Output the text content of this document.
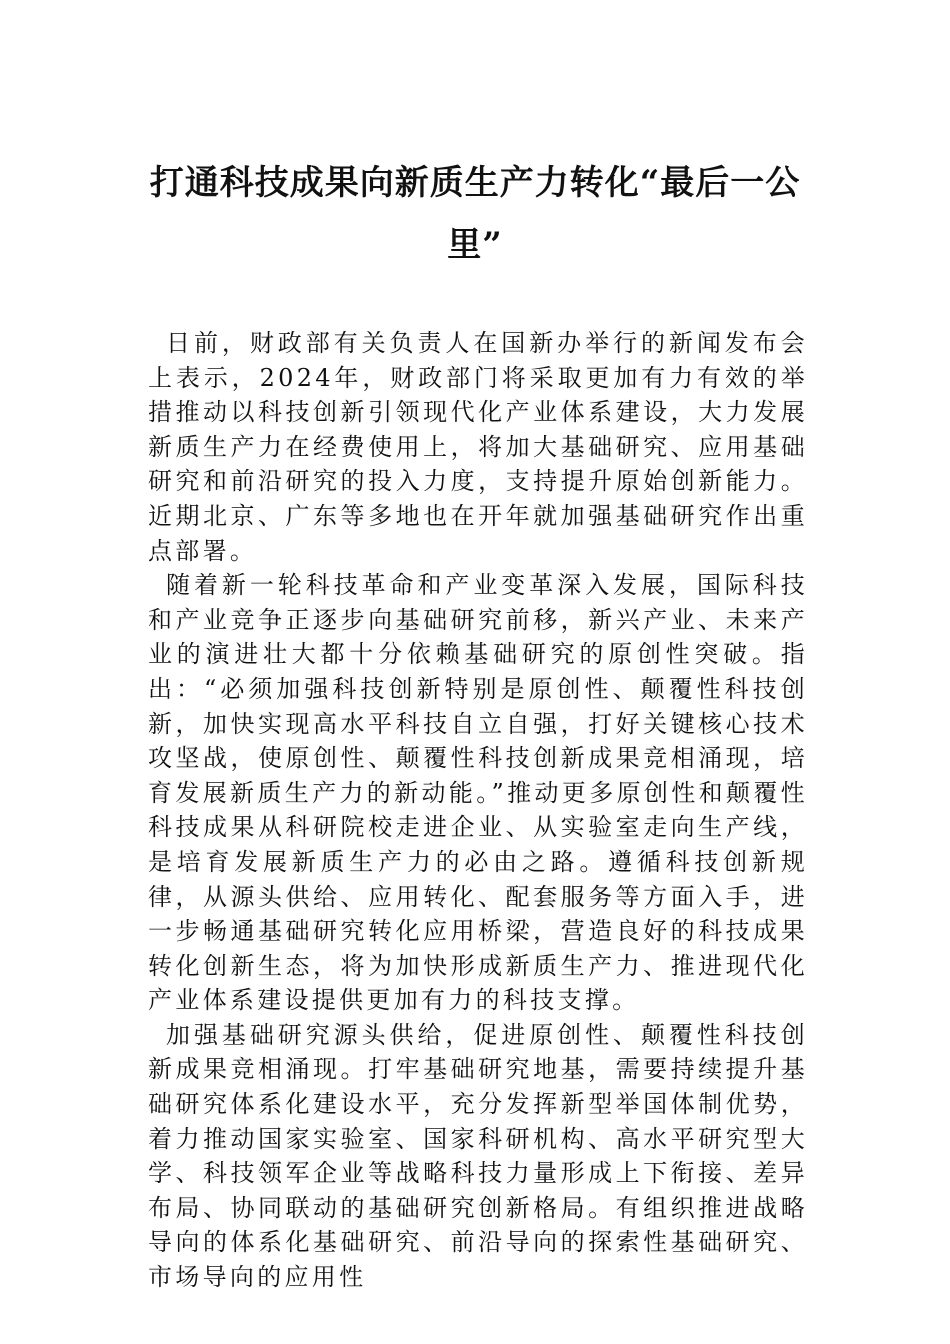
打通科技成果向新质生产力转化“最后一公里”

日前，财政部有关负责人在国新办举行的新闻发布会上表示，2024年，财政部门将采取更加有力有效的举措推动以科技创新引领现代化产业体系建设，大力发展新质生产力在经费使用上，将加大基础研究、应用基础研究和前沿研究的投入力度，支持提升原始创新能力。近期北京、广东等多地也在开年就加强基础研究作出重点部署。

随着新一轮科技革命和产业变革深入发展，国际科技和产业竞争正逐步向基础研究前移，新兴产业、未来产业的演进壮大都十分依赖基础研究的原创性突破。指出：“必须加强科技创新特别是原创性、颠覆性科技创新，加快实现高水平科技自立自强，打好关键核心技术攻坚战，使原创性、颠覆性科技创新成果竞相涌现，培育发展新质生产力的新动能。”推动更多原创性和颠覆性科技成果从科研院校走进企业、从实验室走向生产线，是培育发展新质生产力的必由之路。遵循科技创新规律，从源头供给、应用转化、配套服务等方面入手，进一步畅通基础研究转化应用桥梁，营造良好的科技成果转化创新生态，将为加快形成新质生产力、推进现代化产业体系建设提供更加有力的科技支撑。

加强基础研究源头供给，促进原创性、颠覆性科技创新成果竞相涌现。打牢基础研究地基，需要持续提升基础研究体系化建设水平，充分发挥新型举国体制优势，着力推动国家实验室、国家科研机构、高水平研究型大学、科技领军企业等战略科技力量形成上下衔接、差异布局、协同联动的基础研究创新格局。有组织推进战略导向的体系化基础研究、前沿导向的探索性基础研究、市场导向的应用性
